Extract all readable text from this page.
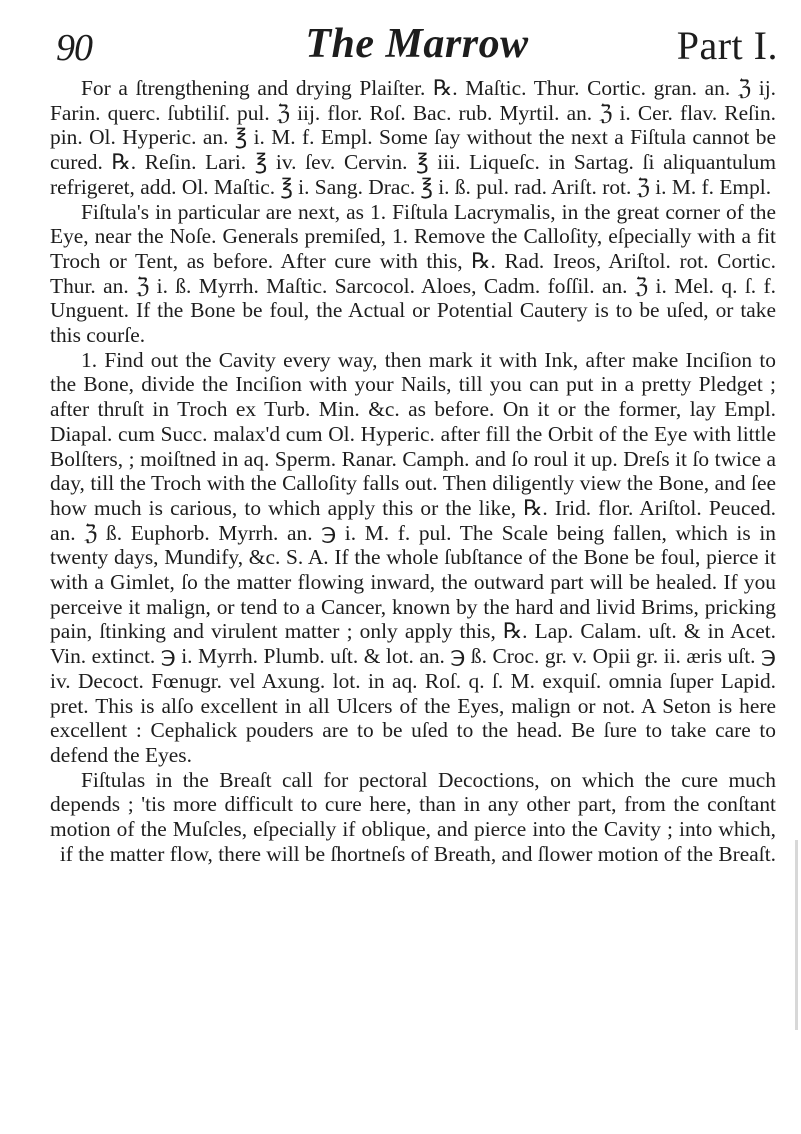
90	The Marrow	Part I.

For a ſtrengthening and drying Plaiſter. ℞. Maſtic. Thur. Cortic. gran. an. ℨ ij. Farin. querc. ſubtiliſ. pul. ℨ iij. flor. Roſ. Bac. rub. Myrtil. an. ℨ i. Cer. flav. Reſin. pin. Ol. Hyperic. an. ℥ i. M. f. Empl. Some ſay without the next a Fiſtula cannot be cured. ℞. Reſin. Lari. ℥ iv. ſev. Cervin. ℥ iii. Liqueſc. in Sartag. ſi aliquantulum refrigeret, add. Ol. Maſtic. ℥ i. Sang. Drac. ℥ i. ß. pul. rad. Ariſt. rot. ℨ i. M. f. Empl.

Fiſtula's in particular are next, as 1. Fiſtula Lacrymalis, in the great corner of the Eye, near the Noſe. Generals premiſed, 1. Remove the Calloſity, eſpecially with a fit Troch or Tent, as before. After cure with this, ℞. Rad. Ireos, Ariſtol. rot. Cortic. Thur. an. ℨ i. ß. Myrrh. Maſtic. Sarcocol. Aloes, Cadm. foſſil. an. ℨ i. Mel. q. ſ. f. Unguent. If the Bone be foul, the Actual or Potential Cautery is to be uſed, or take this courſe.

1. Find out the Cavity every way, then mark it with Ink, after make Inciſion to the Bone, divide the Inciſion with your Nails, till you can put in a pretty Pledget ; after thruſt in Troch ex Turb. Min. &c. as before. On it or the former, lay Empl. Diapal. cum Succ. malax'd cum Ol. Hyperic. after fill the Orbit of the Eye with little Bolſters, ; moiſtned in aq. Sperm. Ranar. Camph. and ſo roul it up. Dreſs it ſo twice a day, till the Troch with the Calloſity falls out. Then diligently view the Bone, and ſee how much is carious, to which apply this or the like, ℞. Irid. flor. Ariſtol. Peuced. an. ℨ ß. Euphorb. Myrrh. an. ℈ i. M. f. pul. The Scale being fallen, which is in twenty days, Mundify, &c. S. A. If the whole ſubſtance of the Bone be foul, pierce it with a Gimlet, ſo the matter flowing inward, the outward part will be healed. If you perceive it malign, or tend to a Cancer, known by the hard and livid Brims, pricking pain, ſtinking and virulent matter ; only apply this, ℞. Lap. Calam. uſt. & in Acet. Vin. extinct. ℈ i. Myrrh. Plumb. uſt. & lot. an. ℈ ß. Croc. gr. v. Opii gr. ii. æris uſt. ℈ iv. Decoct. Fœnugr. vel Axung. lot. in aq. Roſ. q. ſ. M. exquiſ. omnia ſuper Lapid. pret. This is alſo excellent in all Ulcers of the Eyes, malign or not. A Seton is here excellent : Cephalick pouders are to be uſed to the head. Be ſure to take care to defend the Eyes.

Fiſtulas in the Breaſt call for pectoral Decoctions, on which the cure much depends ; 'tis more difficult to cure here, than in any other part, from the conſtant motion of the Muſcles, eſpecially if oblique, and pierce into the Cavity ; into which, if the matter flow, there will be ſhortneſs of Breath, and ſlower motion of the Breaſt.
